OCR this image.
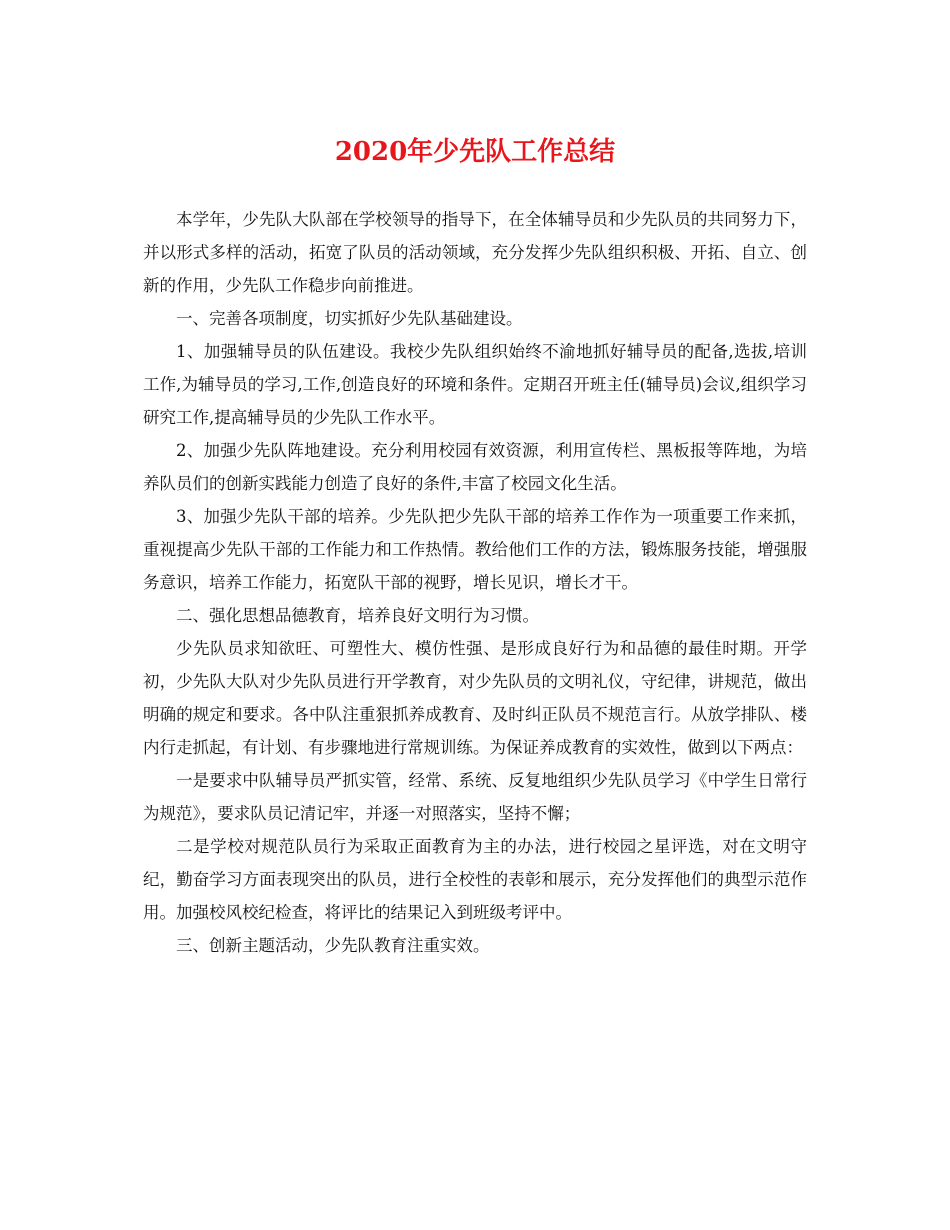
2020年少先队工作总结

本学年，少先队大队部在学校领导的指导下，在全体辅导员和少先队员的共同努力下，并以形式多样的活动，拓宽了队员的活动领域，充分发挥少先队组织积极、开拓、自立、创新的作用，少先队工作稳步向前推进。

一、完善各项制度，切实抓好少先队基础建设。

1、加强辅导员的队伍建设。我校少先队组织始终不渝地抓好辅导员的配备,选拔,培训工作,为辅导员的学习,工作,创造良好的环境和条件。定期召开班主任(辅导员)会议,组织学习研究工作,提高辅导员的少先队工作水平。

2、加强少先队阵地建设。充分利用校园有效资源，利用宣传栏、黑板报等阵地，为培养队员们的创新实践能力创造了良好的条件,丰富了校园文化生活。

3、加强少先队干部的培养。少先队把少先队干部的培养工作作为一项重要工作来抓，重视提高少先队干部的工作能力和工作热情。教给他们工作的方法，锻炼服务技能，增强服务意识，培养工作能力，拓宽队干部的视野，增长见识，增长才干。

二、强化思想品德教育，培养良好文明行为习惯。

少先队员求知欲旺、可塑性大、模仿性强、是形成良好行为和品德的最佳时期。开学初，少先队大队对少先队员进行开学教育，对少先队员的文明礼仪，守纪律，讲规范，做出明确的规定和要求。各中队注重狠抓养成教育、及时纠正队员不规范言行。从放学排队、楼内行走抓起，有计划、有步骤地进行常规训练。为保证养成教育的实效性，做到以下两点：

一是要求中队辅导员严抓实管，经常、系统、反复地组织少先队员学习《中学生日常行为规范》，要求队员记清记牢，并逐一对照落实，坚持不懈；

二是学校对规范队员行为采取正面教育为主的办法，进行校园之星评选，对在文明守纪，勤奋学习方面表现突出的队员，进行全校性的表彰和展示，充分发挥他们的典型示范作用。加强校风校纪检查，将评比的结果记入到班级考评中。

三、创新主题活动，少先队教育注重实效。
